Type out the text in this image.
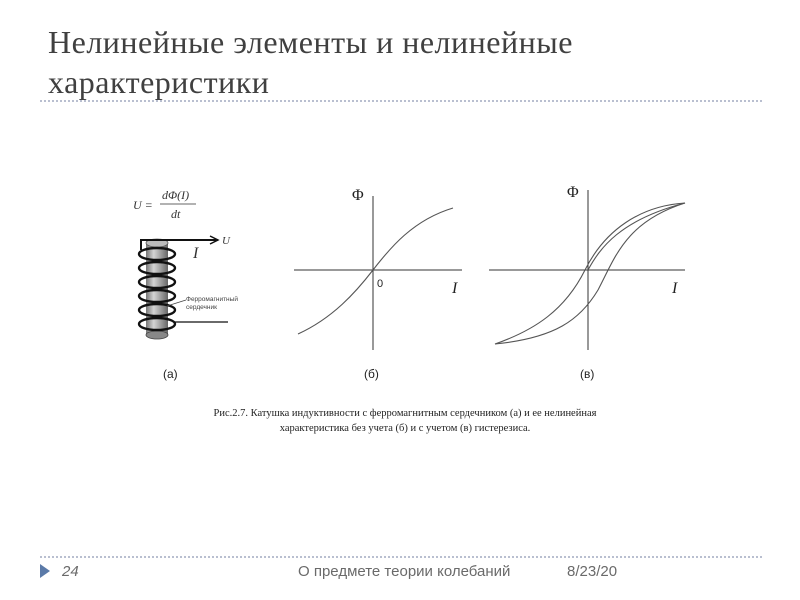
Нелинейные элементы и нелинейные
характеристики
U =
dΦ(I)
dt
U
I
Ферромагнитный
сердечник
(а)
Φ
I
0
(б)
Φ
I
(в)
Рис.2.7. Катушка индуктивности с ферромагнитным сердечником (а) и ее нелинейная
характеристика без учета (б) и с учетом (в) гистерезиса.
24	О предмете теории колебаний	8/23/20
